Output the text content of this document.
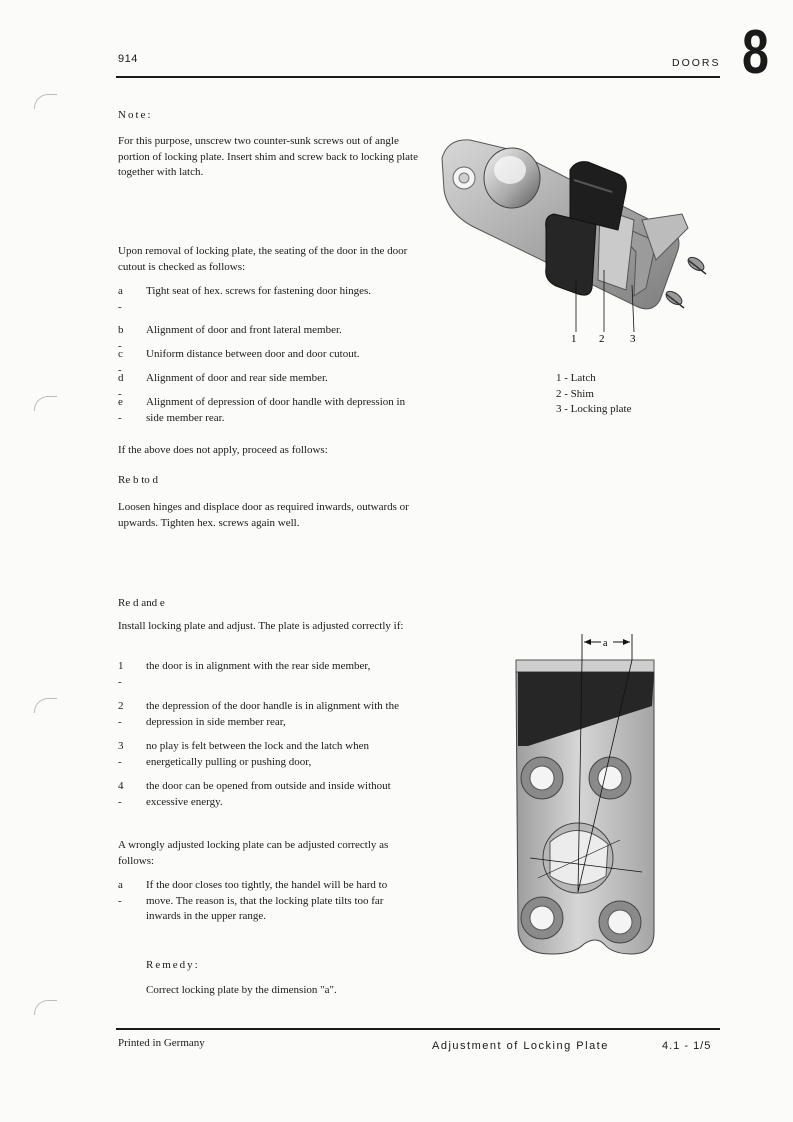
914	DOORS 8
Note:
For this purpose, unscrew two counter-sunk screws out of angle portion of locking plate. Insert shim and screw back to locking plate together with latch.
Upon removal of locking plate, the seating of the door in the door cutout is checked as follows:
a -
Tight seat of hex. screws for fastening door hinges.
b -
Alignment of door and front lateral member.
c -
Uniform distance between door and door cutout.
d -
Alignment of door and rear side member.
e -
Alignment of depression of door handle with depression in side member rear.
If the above does not apply, proceed as follows:
Re b to d
Loosen hinges and displace door as required inwards, outwards or upwards. Tighten hex. screws again well.
Re d and e
Install locking plate and adjust. The plate is adjusted correctly if:
1 -
the door is in alignment with the rear side member,
2 -
the depression of the door handle is in alignment with the depression in side member rear,
3 -
no play is felt between the lock and the latch when energetically pulling or pushing door,
4 -
the door can be opened from outside and inside without excessive energy.
A wrongly adjusted locking plate can be adjusted correctly as follows:
a -
If the door closes too tightly, the handel will be hard to move. The reason is, that the locking plate tilts too far inwards in the upper range.
Remedy:
Correct locking plate by the dimension "a".
1 2 3
1 - Latch
2 - Shim
3 - Locking plate
a
Printed in Germany	Adjustment of Locking Plate	4.1 - 1/5
